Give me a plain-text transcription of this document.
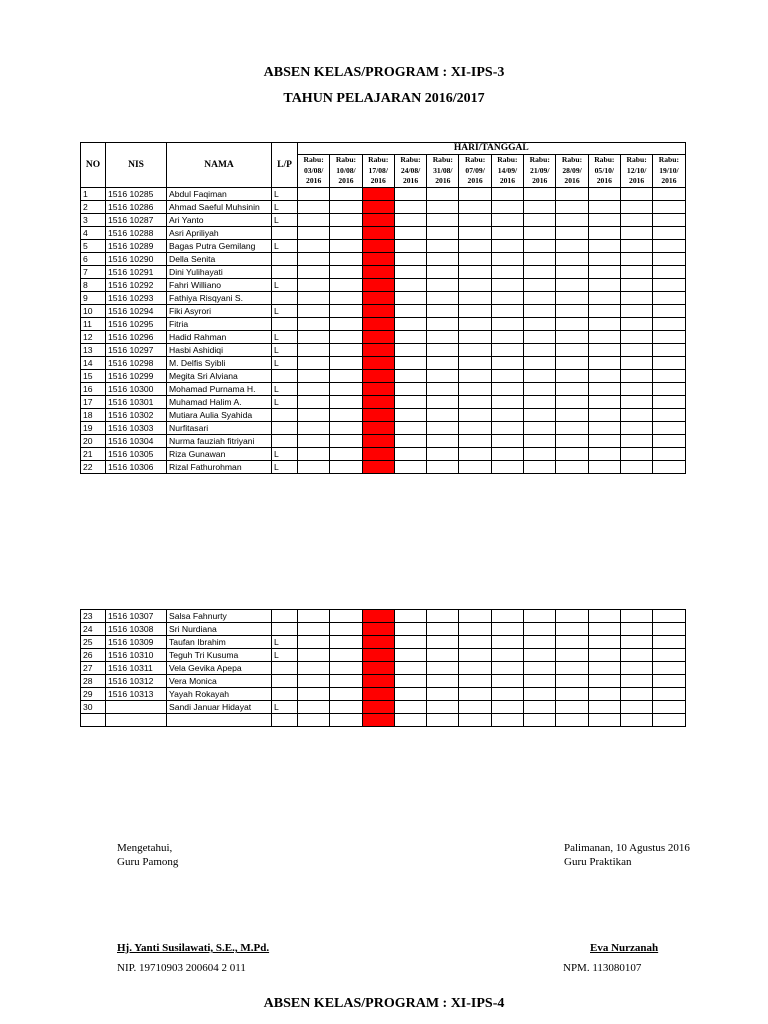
ABSEN KELAS/PROGRAM : XI-IPS-3
TAHUN PELAJARAN 2016/2017
NO	NIS	NAMA	L/P	HARI/TANGGAL											

				Rabu:
03/08/
2016	Rabu:
10/08/
2016	Rabu:
17/08/
2016	Rabu:
24/08/
2016	Rabu:
31/08/
2016	Rabu:
07/09/
2016	Rabu:
14/09/
2016	Rabu:
21/09/
2016	Rabu:
28/09/
2016	Rabu:
05/10/
2016	Rabu:
12/10/
2016	Rabu:
19/10/
2016

1	1516 10285	Abdul Faqiman	L												
2	1516 10286	Ahmad Saeful Muhsinin	L												
3	1516 10287	Ari Yanto	L												
4	1516 10288	Asri Apriliyah													
5	1516 10289	Bagas Putra Gemilang	L												
6	1516 10290	Della Senita													
7	1516 10291	Dini Yulihayati													
8	1516 10292	Fahri Williano	L												
9	1516 10293	Fathiya Risqyani S.													
10	1516 10294	Fiki Asyrori	L												
11	1516 10295	Fitria													
12	1516 10296	Hadid Rahman	L												
13	1516 10297	Hasbi Ashidiqi	L												
14	1516 10298	M. Delfis Syibli	L												
15	1516 10299	Megita Sri Alviana													
16	1516 10300	Mohamad Purnama H.	L												
17	1516 10301	Muhamad Halim A.	L												
18	1516 10302	Mutiara Aulia Syahida													
19	1516 10303	Nurfitasari													
20	1516 10304	Nurma fauziah fitriyani													
21	1516 10305	Riza Gunawan	L												
22	1516 10306	Rizal Fathurohman	L												
23	1516 10307	Salsa Fahnurty													
24	1516 10308	Sri Nurdiana													
25	1516 10309	Taufan Ibrahim	L												
26	1516 10310	Teguh Tri Kusuma	L												
27	1516 10311	Vela Gevika Apepa													
28	1516 10312	Vera Monica													
29	1516 10313	Yayah Rokayah													
30		Sandi Januar Hidayat	L												

Mengetahui,
Guru Pamong
Hj. Yanti Susilawati, S.E., M.Pd.
NIP. 19710903 200604 2 011
Palimanan, 10 Agustus 2016
Guru Praktikan
Eva Nurzanah
NPM. 113080107
ABSEN KELAS/PROGRAM : XI-IPS-4
